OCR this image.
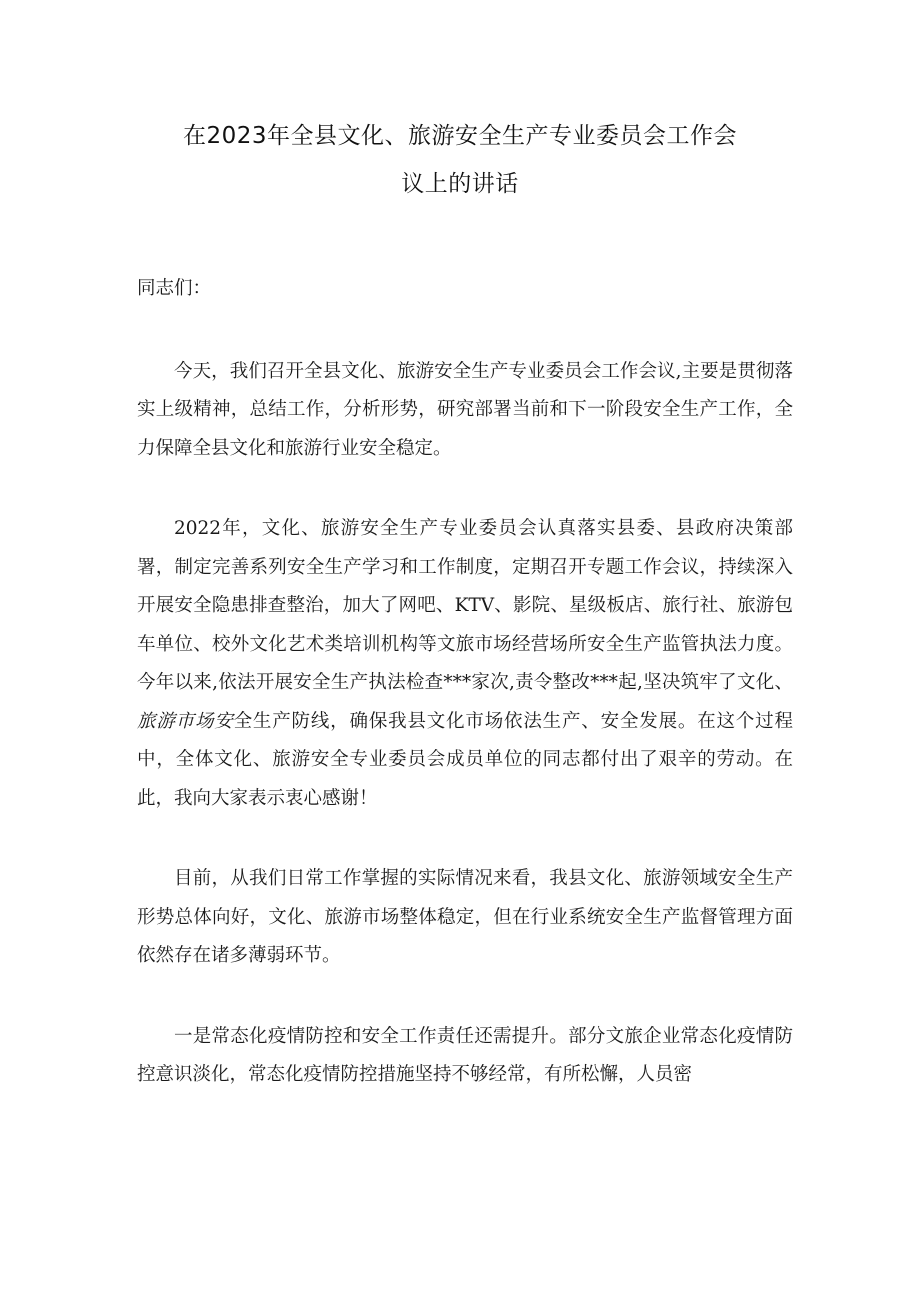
在2023年全县文化、旅游安全生产专业委员会工作会
议上的讲话

同志们：

今天，我们召开全县文化、旅游安全生产专业委员会工作会议,主要是贯彻落实上级精神，总结工作，分析形势，研究部署当前和下一阶段安全生产工作，全力保障全县文化和旅游行业安全稳定。

2022年，文化、旅游安全生产专业委员会认真落实县委、县政府决策部署，制定完善系列安全生产学习和工作制度，定期召开专题工作会议，持续深入开展安全隐患排查整治，加大了网吧、KTV、影院、星级板店、旅行社、旅游包车单位、校外文化艺术类培训机构等文旅市场经营场所安全生产监管执法力度。今年以来,依法开展安全生产执法检查***家次,责令整改***起,坚决筑牢了文化、旅游市场安全生产防线，确保我县文化市场依法生产、安全发展。在这个过程中，全体文化、旅游安全专业委员会成员单位的同志都付出了艰辛的劳动。在此，我向大家表示衷心感谢！

目前，从我们日常工作掌握的实际情况来看，我县文化、旅游领域安全生产形势总体向好，文化、旅游市场整体稳定，但在行业系统安全生产监督管理方面依然存在诸多薄弱环节。

一是常态化疫情防控和安全工作责任还需提升。部分文旅企业常态化疫情防控意识淡化，常态化疫情防控措施坚持不够经常，有所松懈，人员密
